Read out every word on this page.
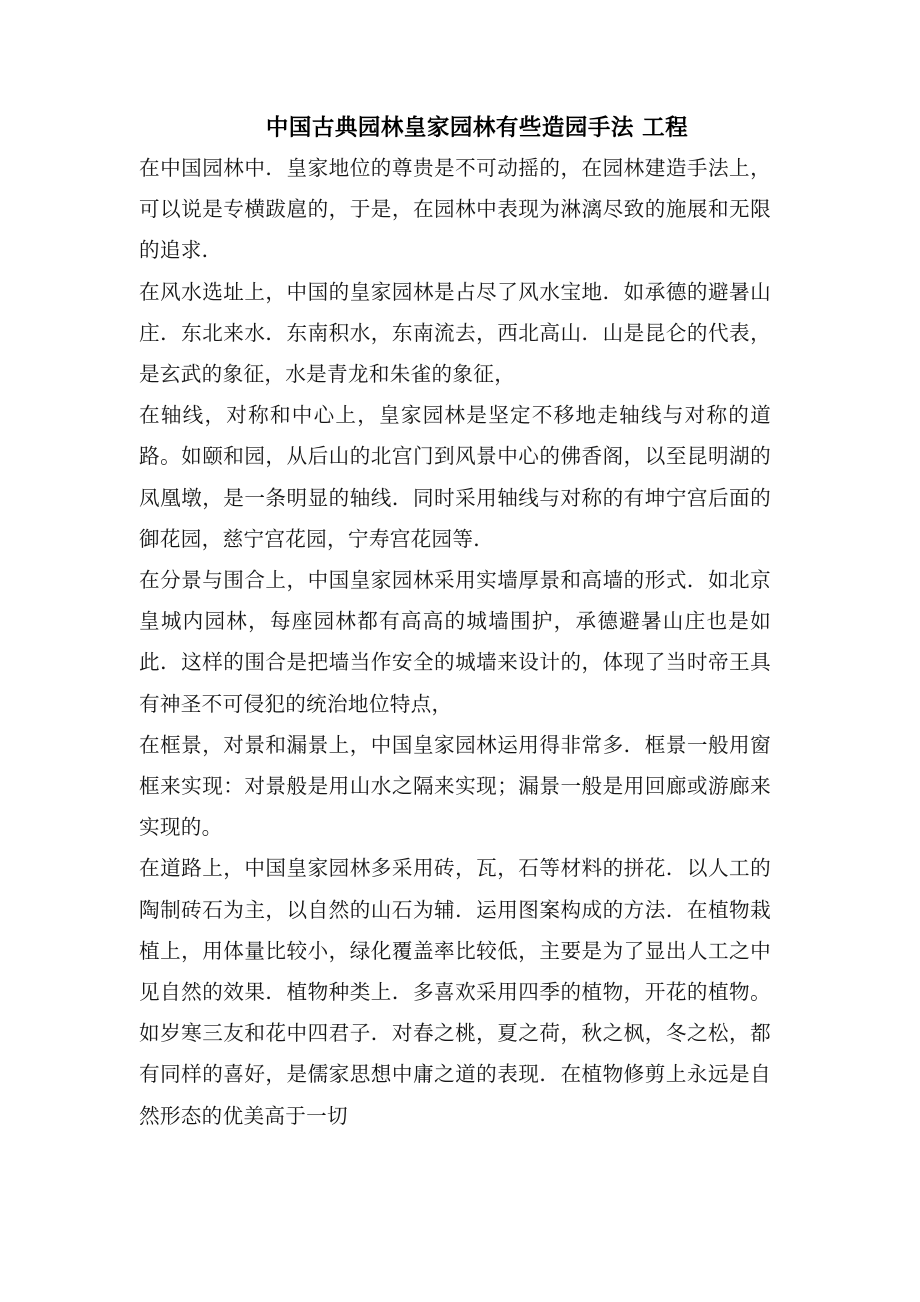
中国古典园林皇家园林有些造园手法 工程

在中国园林中．皇家地位的尊贵是不可动摇的，在园林建造手法上，可以说是专横跋扈的，于是，在园林中表现为淋漓尽致的施展和无限的追求．

在风水选址上，中国的皇家园林是占尽了风水宝地．如承德的避暑山庄．东北来水．东南积水，东南流去，西北高山．山是昆仑的代表，是玄武的象征，水是青龙和朱雀的象征，

在轴线，对称和中心上，皇家园林是坚定不移地走轴线与对称的道路。如颐和园，从后山的北宫门到风景中心的佛香阁，以至昆明湖的凤凰墩，是一条明显的轴线．同时采用轴线与对称的有坤宁宫后面的御花园，慈宁宫花园，宁寿宫花园等．

在分景与围合上，中国皇家园林采用实墙厚景和高墙的形式．如北京皇城内园林，每座园林都有高高的城墙围护，承德避暑山庄也是如此．这样的围合是把墙当作安全的城墙来设计的，体现了当时帝王具有神圣不可侵犯的统治地位特点，

在框景，对景和漏景上，中国皇家园林运用得非常多．框景一般用窗框来实现：对景般是用山水之隔来实现；漏景一般是用回廊或游廊来实现的。

在道路上，中国皇家园林多采用砖，瓦，石等材料的拼花．以人工的陶制砖石为主，以自然的山石为辅．运用图案构成的方法．在植物栽植上，用体量比较小，绿化覆盖率比较低，主要是为了显出人工之中见自然的效果．植物种类上．多喜欢采用四季的植物，开花的植物。如岁寒三友和花中四君子．对春之桃，夏之荷，秋之枫，冬之松，都有同样的喜好，是儒家思想中庸之道的表现．在植物修剪上永远是自然形态的优美高于一切
